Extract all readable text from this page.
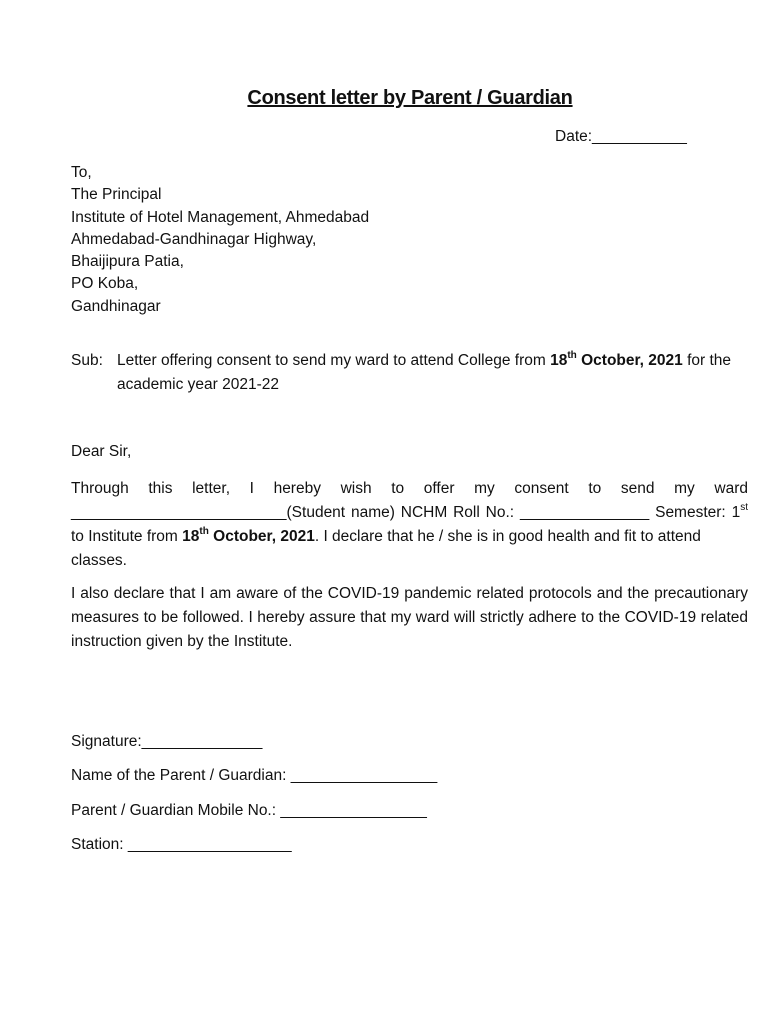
Consent letter by Parent / Guardian
Date:___________
To,
The Principal
Institute of Hotel Management, Ahmedabad
Ahmedabad-Gandhinagar Highway,
Bhaijipura Patia,
PO Koba,
Gandhinagar
Sub: Letter offering consent to send my ward to attend College from 18th October, 2021 for the academic year 2021-22
Dear Sir,
Through this letter, I hereby wish to offer my consent to send my ward
_________________________(Student name) NCHM Roll No.: _______________ Semester: 1st
to Institute from 18th October, 2021. I declare that he / she is in good health and fit to attend classes.
I also declare that I am aware of the COVID-19 pandemic related protocols and the precautionary measures to be followed. I hereby assure that my ward will strictly adhere to the COVID-19 related instruction given by the Institute.
Signature:______________
Name of the Parent / Guardian: _________________
Parent / Guardian Mobile No.: _________________
Station: ___________________
